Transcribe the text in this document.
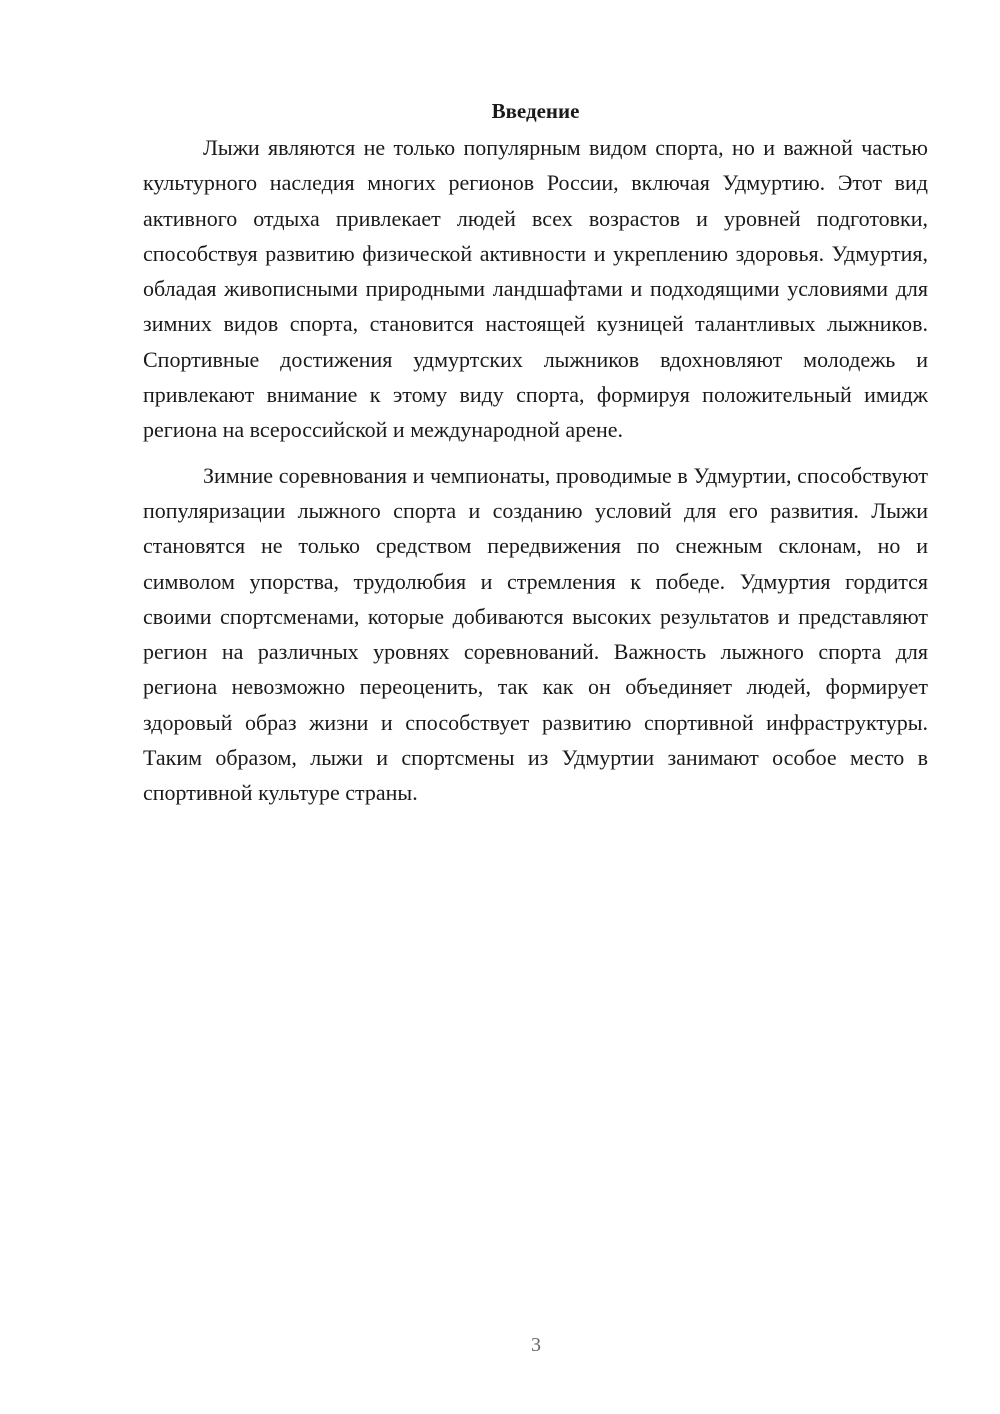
Введение

Лыжи являются не только популярным видом спорта, но и важной частью культурного наследия многих регионов России, включая Удмуртию. Этот вид активного отдыха привлекает людей всех возрастов и уровней подготовки, способствуя развитию физической активности и укреплению здоровья. Удмуртия, обладая живописными природными ландшафтами и подходящими условиями для зимних видов спорта, становится настоящей кузницей талантливых лыжников. Спортивные достижения удмуртских лыжников вдохновляют молодежь и привлекают внимание к этому виду спорта, формируя положительный имидж региона на всероссийской и международной арене.

Зимние соревнования и чемпионаты, проводимые в Удмуртии, способствуют популяризации лыжного спорта и созданию условий для его развития. Лыжи становятся не только средством передвижения по снежным склонам, но и символом упорства, трудолюбия и стремления к победе. Удмуртия гордится своими спортсменами, которые добиваются высоких результатов и представляют регион на различных уровнях соревнований. Важность лыжного спорта для региона невозможно переоценить, так как он объединяет людей, формирует здоровый образ жизни и способствует развитию спортивной инфраструктуры. Таким образом, лыжи и спортсмены из Удмуртии занимают особое место в спортивной культуре страны.

3
